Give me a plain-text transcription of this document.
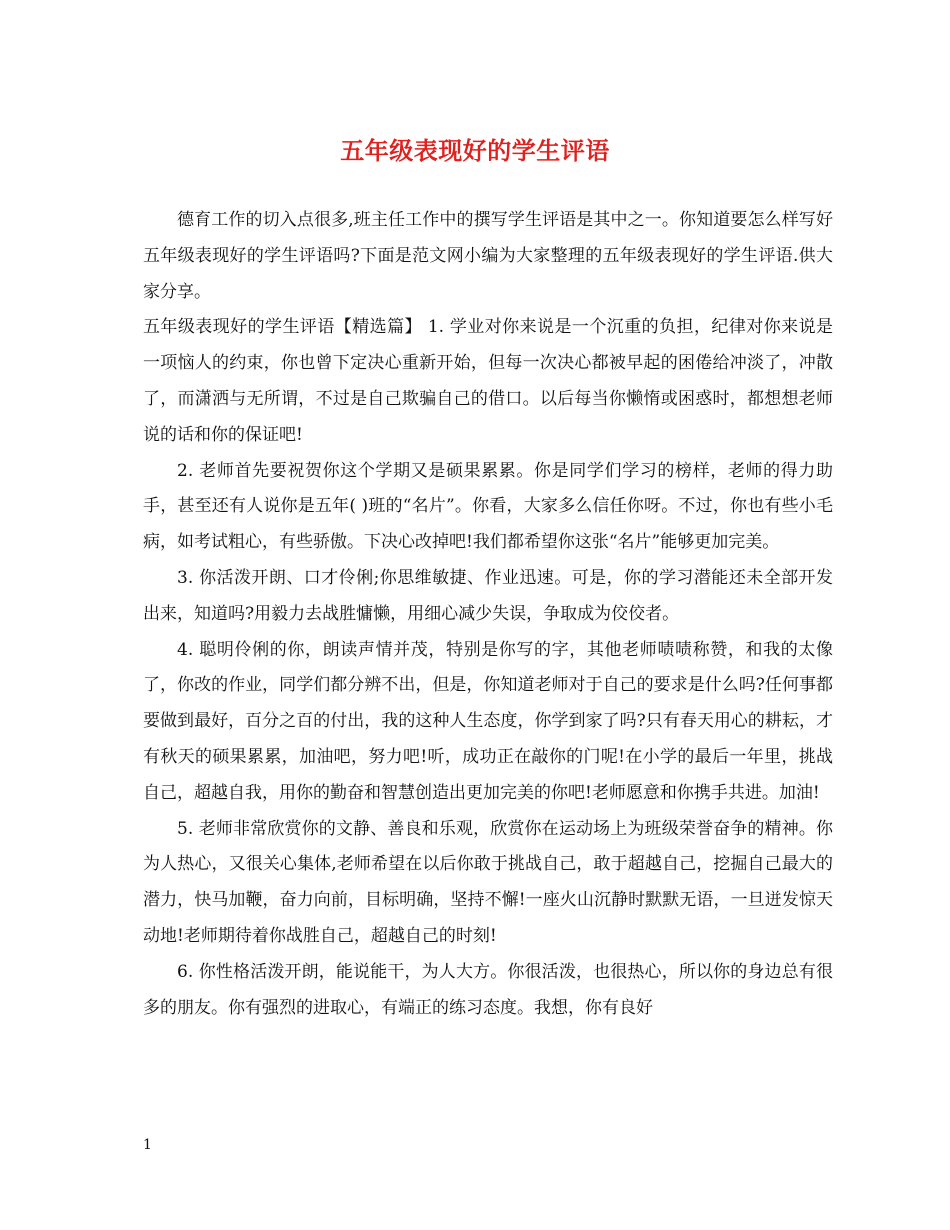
五年级表现好的学生评语

德育工作的切入点很多,班主任工作中的撰写学生评语是其中之一。你知道要怎么样写好五年级表现好的学生评语吗?下面是范文网小编为大家整理的五年级表现好的学生评语.供大家分享。

五年级表现好的学生评语【精选篇】 1. 学业对你来说是一个沉重的负担，纪律对你来说是一项恼人的约束，你也曾下定决心重新开始，但每一次决心都被早起的困倦给冲淡了，冲散了，而潇洒与无所谓，不过是自己欺骗自己的借口。以后每当你懒惰或困惑时，都想想老师说的话和你的保证吧!

2. 老师首先要祝贺你这个学期又是硕果累累。你是同学们学习的榜样，老师的得力助手，甚至还有人说你是五年( )班的“名片”。你看，大家多么信任你呀。不过，你也有些小毛病，如考试粗心，有些骄傲。下决心改掉吧!我们都希望你这张“名片”能够更加完美。

3. 你活泼开朗、口才伶俐;你思维敏捷、作业迅速。可是，你的学习潜能还未全部开发出来，知道吗?用毅力去战胜慵懒，用细心减少失误，争取成为佼佼者。

4. 聪明伶俐的你，朗读声情并茂，特别是你写的字，其他老师啧啧称赞，和我的太像了，你改的作业，同学们都分辨不出，但是，你知道老师对于自己的要求是什么吗?任何事都要做到最好，百分之百的付出，我的这种人生态度，你学到家了吗?只有春天用心的耕耘，才有秋天的硕果累累，加油吧，努力吧!听，成功正在敲你的门呢!在小学的最后一年里，挑战自己，超越自我，用你的勤奋和智慧创造出更加完美的你吧!老师愿意和你携手共进。加油!

5. 老师非常欣赏你的文静、善良和乐观，欣赏你在运动场上为班级荣誉奋争的精神。你为人热心，又很关心集体,老师希望在以后你敢于挑战自己，敢于超越自己，挖掘自己最大的潜力，快马加鞭，奋力向前，目标明确，坚持不懈!一座火山沉静时默默无语，一旦迸发惊天动地!老师期待着你战胜自己，超越自己的时刻!

6. 你性格活泼开朗，能说能干，为人大方。你很活泼，也很热心，所以你的身边总有很多的朋友。你有强烈的进取心，有端正的练习态度。我想，你有良好

1
